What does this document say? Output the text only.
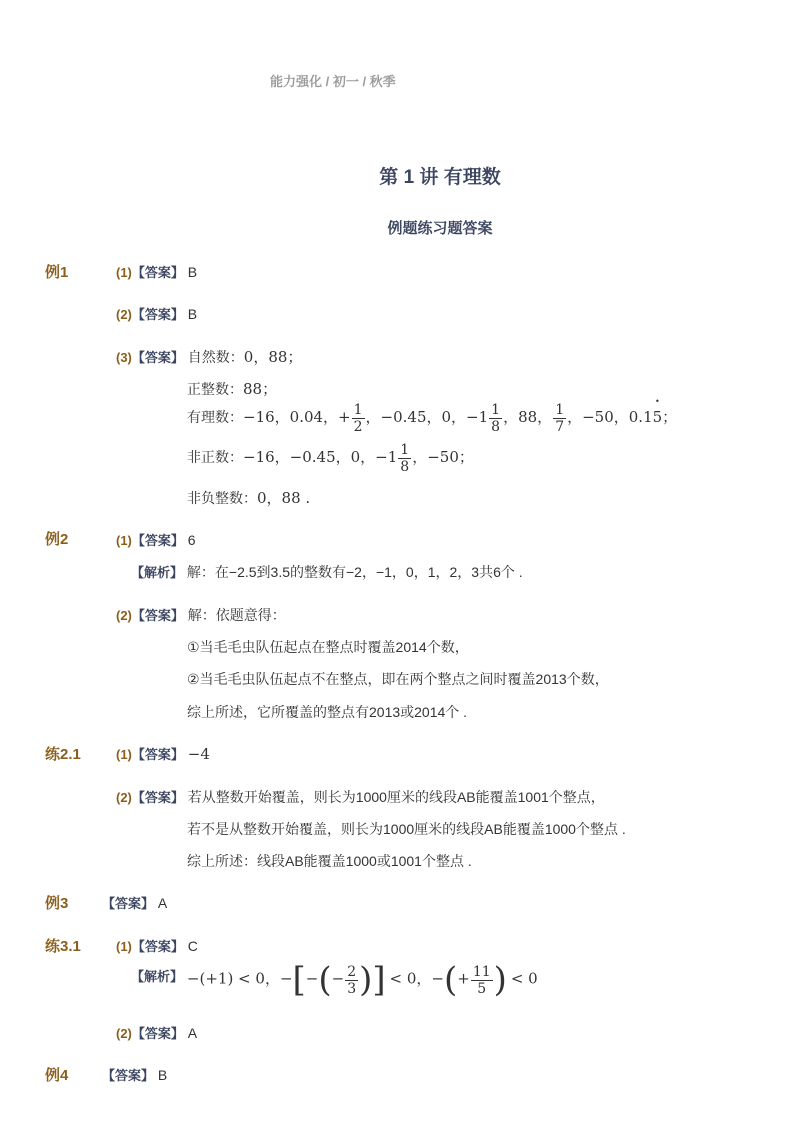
能力强化 / 初一 / 秋季
第 1 讲 有理数
例题练习题答案
例1	(1)【答案】 B
(2)【答案】 B
(3)【答案】 自然数：0，88；
正整数：88；
有理数：−16，0.04，+ $\frac{1}{2}$ ，−0.45，0，$-1 \frac{1}{8}$ ，88， $\frac{1}{7}$ ，−50，0.15 •；
非正数：−16，−0.45，0，$-1 \frac{1}{8}$ ，−50；
非负整数：0，88 .
例2	(1)【答案】 6
【解析】 解：在−2.5到3.5的整数有−2，−1，0，1，2，3共6个 .
(2)【答案】 解：依题意得：
①当毛毛虫队伍起点在整点时覆盖2014个数，
②当毛毛虫队伍起点不在整点，即在两个整点之间时覆盖2013个数，
综上所述，它所覆盖的整点有2013或2014个 .
练2.1	(1)【答案】 −4
(2)【答案】 若从整数开始覆盖，则长为1000厘米的线段AB能覆盖1001个整点，
若不是从整数开始覆盖，则长为1000厘米的线段AB能覆盖1000个整点 .
综上所述：线段AB能覆盖1000或1001个整点 .
例3	【答案】 A
练3.1	(1)【答案】 C
【解析】 −(+1) < 0，−[−(− $\frac{2}{3}$ )] < 0，−(+ $\frac{11}{5}$ ) < 0
(2)【答案】 A
例4	【答案】 B
